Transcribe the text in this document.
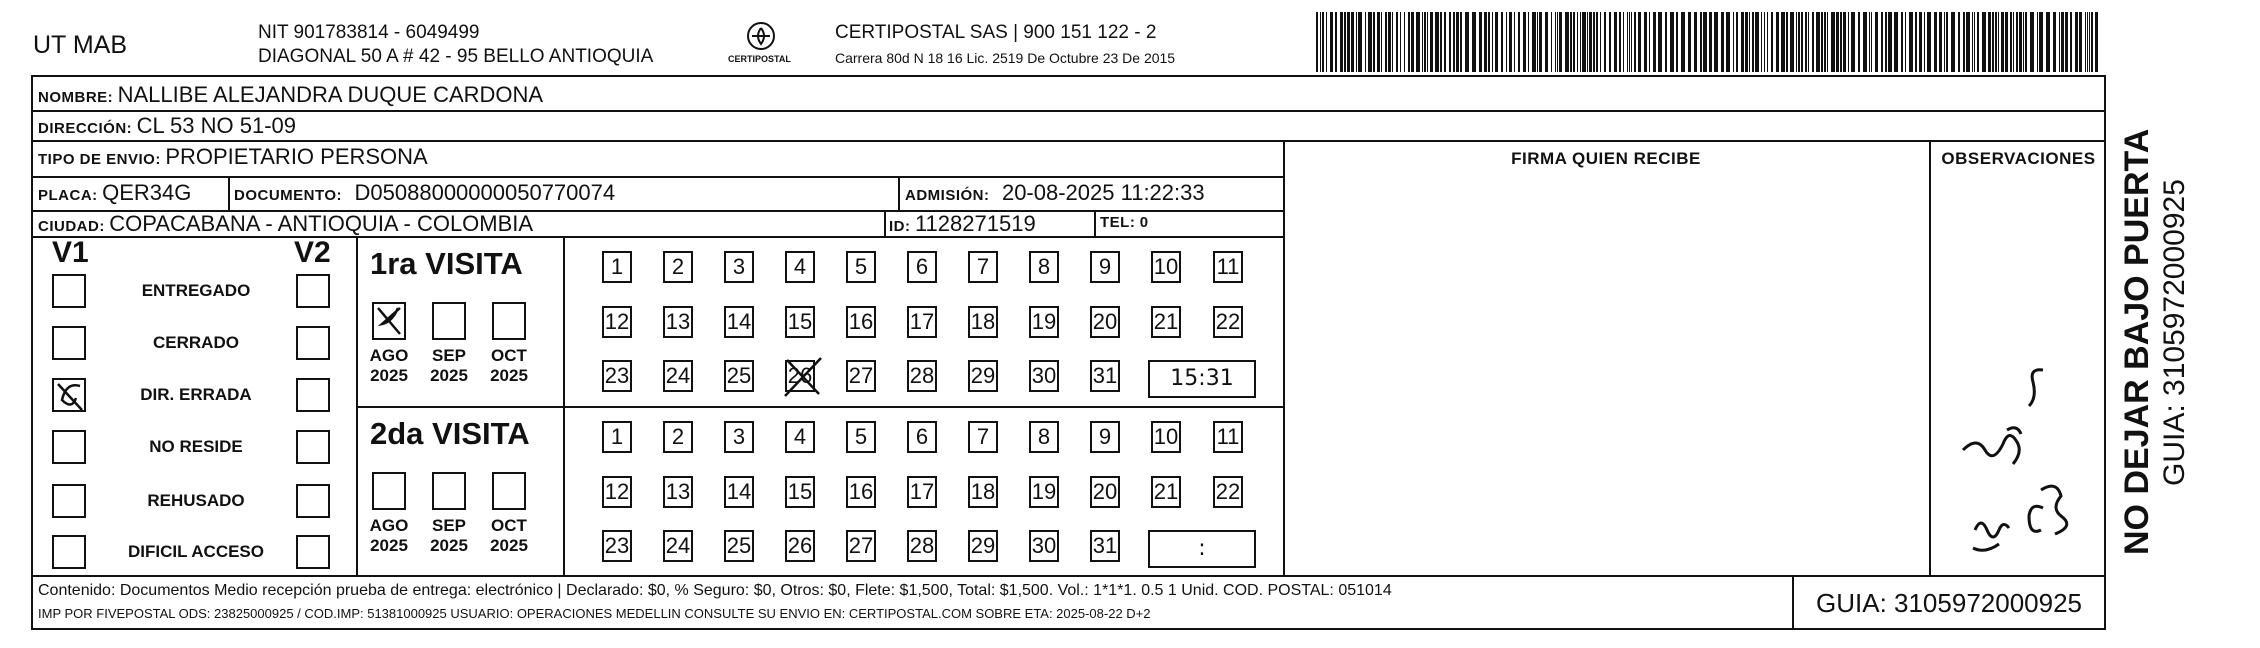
UT MAB	NIT 901783814 - 6049499
DIAGONAL 50 A # 42 - 95 BELLO ANTIOQUIA	CERTIPOSTAL
CERTIPOSTAL SAS | 900 151 122 - 2
Carrera 80d N 18 16 Lic. 2519 De Octubre 23 De 2015
NOMBRE: NALLIBE ALEJANDRA DUQUE CARDONA
DIRECCIÓN: CL 53 NO 51-09
TIPO DE ENVIO: PROPIETARIO PERSONA
PLACA: QER34G	DOCUMENTO: D05088000000050770074	ADMISIÓN: 20-08-2025 11:22:33
CIUDAD: COPACABANA - ANTIOQUIA - COLOMBIA	ID: 1128271519	TEL: 0
FIRMA QUIEN RECIBE	OBSERVACIONES
V1	V2
ENTREGADO
CERRADO
DIR. ERRADA
NO RESIDE
REHUSADO
DIFICIL ACCESO
1ra VISITA
AGO
2025
SEP
2025
OCT
2025
1	2	3	4	5	6	7	8	9	10 11
12 13 14 15 16 17 18 19 20 21 22
23 24 25 26 27 28 29 30 31	15:31
2da VISITA
AGO
2025
SEP
2025
OCT
2025
1	2	3	4	5	6	7	8	9	10 11
12 13 14 15 16 17 18 19 20 21 22
23 24 25 26 27 28 29 30 31	:
Contenido: Documentos Medio recepción prueba de entrega: electrónico | Declarado: $0, % Seguro: $0, Otros: $0, Flete: $1,500, Total: $1,500. Vol.: 1*1*1. 0.5 1 Unid. COD. POSTAL: 051014
IMP POR FIVEPOSTAL ODS: 23825000925 / COD.IMP: 51381000925 USUARIO: OPERACIONES MEDELLIN CONSULTE SU ENVIO EN: CERTIPOSTAL.COM SOBRE ETA: 2025-08-22 D+2	GUIA: 3105972000925
NO DEJAR BAJO PUERTA GUIA: 3105972000925
